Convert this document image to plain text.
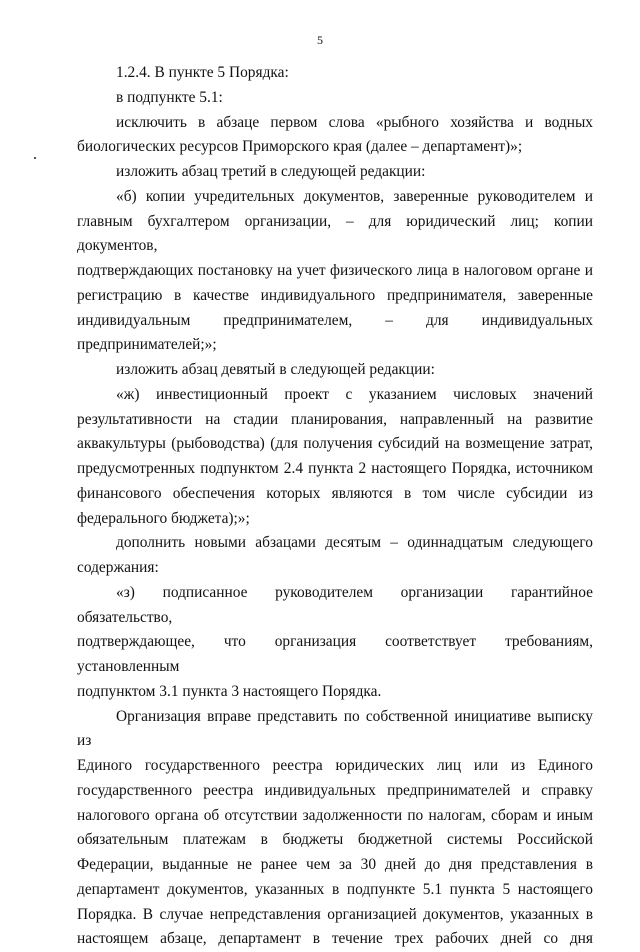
5

1.2.4. В пункте 5 Порядка:

в подпункте 5.1:

исключить в абзаце первом слова «рыбного хозяйства и водных

биологических ресурсов Приморского края (далее – департамент)»;

изложить абзац третий в следующей редакции:

«б) копии учредительных документов, заверенные руководителем и

главным бухгалтером организации, – для юридический лиц; копии документов,

подтверждающих постановку на учет физического лица в налоговом органе и

регистрацию в качестве индивидуального предпринимателя, заверенные

индивидуальным предпринимателем, – для индивидуальных

предпринимателей;»;

изложить абзац девятый в следующей редакции:

«ж) инвестиционный проект с указанием числовых значений

результативности на стадии планирования, направленный на развитие

аквакультуры (рыбоводства) (для получения субсидий на возмещение затрат,

предусмотренных подпунктом 2.4 пункта 2 настоящего Порядка, источником

финансового обеспечения которых являются в том числе субсидии из

федерального бюджета);»;

дополнить новыми абзацами десятым – одиннадцатым следующего

содержания:

«з) подписанное руководителем организации гарантийное обязательство,

подтверждающее, что организация соответствует требованиям, установленным

подпунктом 3.1 пункта 3 настоящего Порядка.

Организация вправе представить по собственной инициативе выписку из

Единого государственного реестра юридических лиц или из Единого

государственного реестра индивидуальных предпринимателей и справку

налогового органа об отсутствии задолженности по налогам, сборам и иным

обязательным платежам в бюджеты бюджетной системы Российской

Федерации, выданные не ранее чем за 30 дней до дня представления в

департамент документов, указанных в подпункте 5.1 пункта 5 настоящего

Порядка. В случае непредставления организацией документов, указанных в

настоящем абзаце, департамент в течение трех рабочих дней со дня
